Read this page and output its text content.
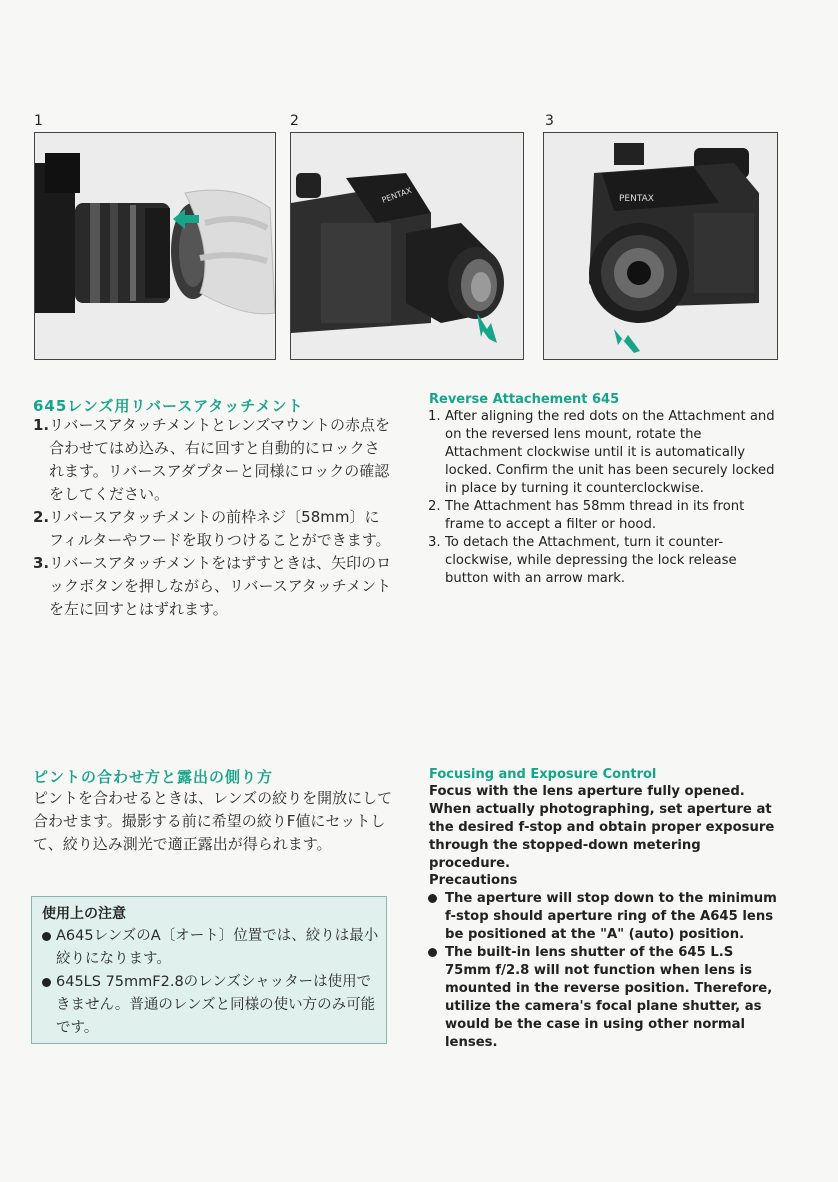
1	2	3
PENTAX	PENTAX
645レンズ用リバースアタッチメント
1. リバースアタッチメントとレンズマウントの赤点を合わせてはめ込み、右に回すと自動的にロックされます。リバースアダプターと同様にロックの確認をしてください。
2. リバースアタッチメントの前枠ネジ〔58mm〕にフィルターやフードを取りつけることができます。
3. リバースアタッチメントをはずすときは、矢印のロックボタンを押しながら、リバースアタッチメントを左に回すとはずれます。
Reverse Attachement 645
1. After aligning the red dots on the Attachment and on the reversed lens mount, rotate the Attachment clockwise until it is automatically locked. Confirm the unit has been securely locked in place by turning it counterclockwise.
2. The Attachment has 58mm thread in its front frame to accept a filter or hood.
3. To detach the Attachment, turn it counter-clockwise, while depressing the lock release button with an arrow mark.
ピントの合わせ方と露出の側り方
ピントを合わせるときは、レンズの絞りを開放にして合わせます。撮影する前に希望の絞りF値にセットして、絞り込み測光で適正露出が得られます。
使用上の注意
A645レンズのA〔オート〕位置では、絞りは最小絞りになります。
645LS 75mmF2.8のレンズシャッターは使用できません。普通のレンズと同様の使い方のみ可能です。
Focusing and Exposure Control

Focus with the lens aperture fully opened. When actually photographing, set aperture at the desired f-stop and obtain proper exposure through the stopped-down metering procedure.

Precautions
The aperture will stop down to the minimum f-stop should aperture ring of the A645 lens be positioned at the "A" (auto) position.
The built-in lens shutter of the 645 L.S 75mm f/2.8 will not function when lens is mounted in the reverse position. Therefore, utilize the camera's focal plane shutter, as would be the case in using other normal lenses.
